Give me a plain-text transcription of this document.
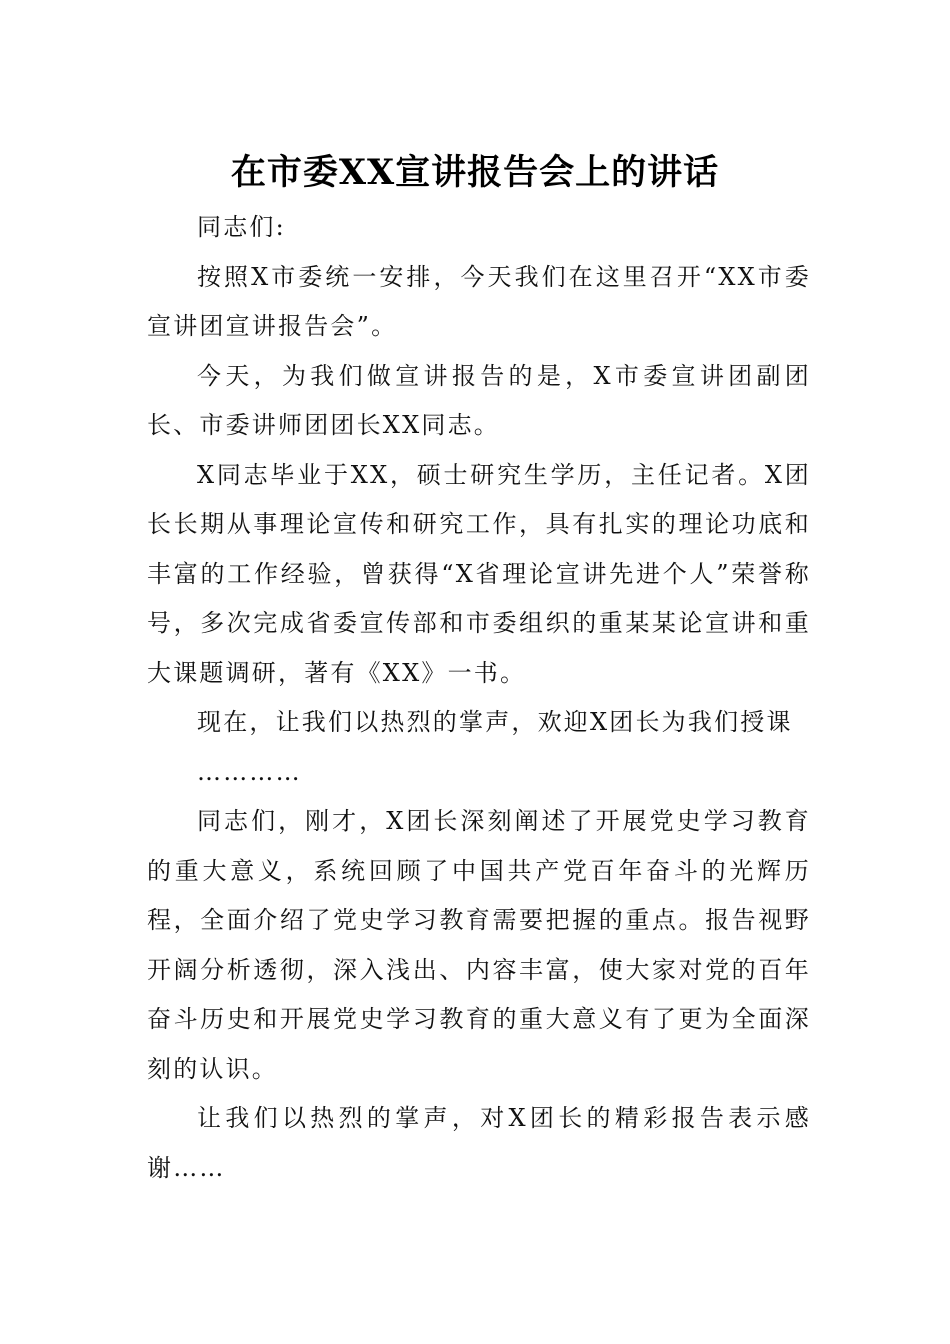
在市委XX宣讲报告会上的讲话

同志们:

按照X市委统一安排，今天我们在这里召开“XX市委宣讲团宣讲报告会”。

今天，为我们做宣讲报告的是，X市委宣讲团副团长、市委讲师团团长XX同志。

X同志毕业于XX，硕士研究生学历，主任记者。X团长长期从事理论宣传和研究工作，具有扎实的理论功底和丰富的工作经验，曾获得“X省理论宣讲先进个人”荣誉称号，多次完成省委宣传部和市委组织的重某某论宣讲和重大课题调研，著有《XX》一书。

现在，让我们以热烈的掌声，欢迎X团长为我们授课

…………

同志们，刚才，X团长深刻阐述了开展党史学习教育的重大意义，系统回顾了中国共产党百年奋斗的光辉历程，全面介绍了党史学习教育需要把握的重点。报告视野开阔分析透彻，深入浅出、内容丰富，使大家对党的百年奋斗历史和开展党史学习教育的重大意义有了更为全面深刻的认识。

让我们以热烈的掌声，对X团长的精彩报告表示感谢……
